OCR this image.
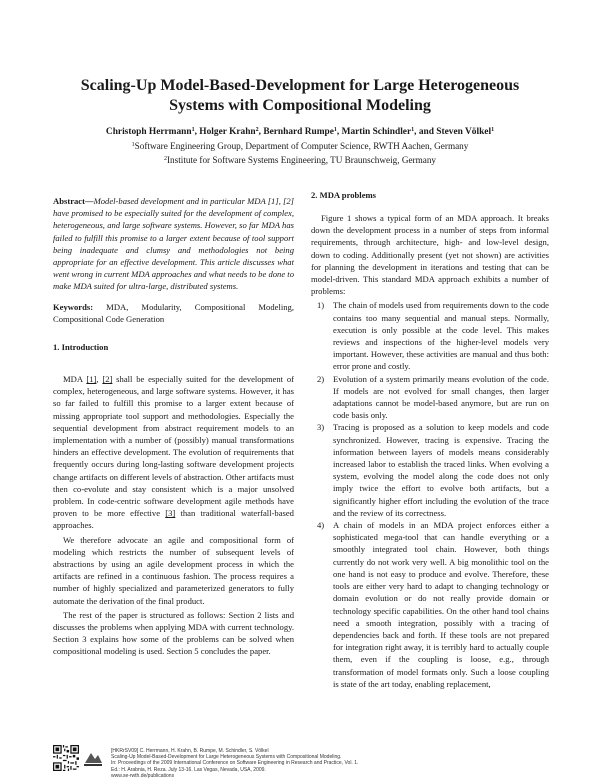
Scaling-Up Model-Based-Development for Large Heterogeneous
Systems with Compositional Modeling
Christoph Herrmann$^1$, Holger Krahn$^2$, Bernhard Rumpe$^1$, Martin Schindler$^1$, and Steven Völkel$^1$
$^1$Software Engineering Group, Department of Computer Science, RWTH Aachen, Germany
$^2$Institute for Software Systems Engineering, TU Braunschweig, Germany

Abstract—Model-based development and in particular MDA [1], [2] have promised to be especially suited for the development of complex, heterogeneous, and large software systems. However, so far MDA has failed to fulfill this promise to a larger extent because of tool support being inadequate and clumsy and methodologies not being appropriate for an effective development. This article discusses what went wrong in current MDA approaches and what needs to be done to make MDA suited for ultra-large, distributed systems.

Keywords: MDA, Modularity, Compositional Modeling, Compositional Code Generation

1. Introduction

MDA [1], [2] shall be especially suited for the development of complex, heterogeneous, and large software systems. However, it has so far failed to fulfill this promise to a larger extent because of missing appropriate tool support and methodologies. Especially the sequential development from abstract requirement models to an implementation with a number of (possibly) manual transformations hinders an effective development. The evolution of requirements that frequently occurs during long-lasting software development projects change artifacts on different levels of abstraction. Other artifacts must then co-evolute and stay consistent which is a major unsolved problem. In code-centric software development agile methods have proven to be more effective [3] than traditional waterfall-based approaches.

We therefore advocate an agile and compositional form of modeling which restricts the number of subsequent levels of abstractions by using an agile development process in which the artifacts are refined in a continuous fashion. The process requires a number of highly specialized and parameterized generators to fully automate the derivation of the final product.

The rest of the paper is structured as follows: Section 2 lists and discusses the problems when applying MDA with current technology. Section 3 explains how some of the problems can be solved when compositional modeling is used. Section 5 concludes the paper.

2. MDA problems

Figure 1 shows a typical form of an MDA approach. It breaks down the development process in a number of steps from informal requirements, through architecture, high- and low-level design, down to coding. Additionally present (yet not shown) are activities for planning the development in iterations and testing that can be model-driven. This standard MDA approach exhibits a number of problems:

1) The chain of models used from requirements down to the code contains too many sequential and manual steps. Normally, execution is only possible at the code level. This makes reviews and inspections of the higher-level models very important. However, these activities are manual and thus both: error prone and costly.
2) Evolution of a system primarily means evolution of the code. If models are not evolved for small changes, then larger adaptations cannot be model-based anymore, but are run on code basis only.
3) Tracing is proposed as a solution to keep models and code synchronized. However, tracing is expensive. Tracing the information between layers of models means considerably increased labor to establish the traced links. When evolving a system, evolving the model along the code does not only imply twice the effort to evolve both artifacts, but a significantly higher effort including the evolution of the trace and the review of its correctness.
4) A chain of models in an MDA project enforces either a sophisticated mega-tool that can handle everything or a smoothly integrated tool chain. However, both things currently do not work very well. A big monolithic tool on the one hand is not easy to produce and evolve. Therefore, these tools are either very hard to adapt to changing technology or domain evolution or do not really provide domain or technology specific capabilities. On the other hand tool chains need a smooth integration, possibly with a tracing of dependencies back and forth. If these tools are not prepared for integration right away, it is terribly hard to actually couple them, even if the coupling is loose, e.g., through transformation of model formats only. Such a loose coupling is state of the art today, enabling replacement,
[HKRrSV09] C. Herrmann, H. Krahn, B. Rumpe, M. Schindler, S. Völkel
Scaling-Up Model-Based-Development for Large Heterogeneous Systems with Compositional Modeling.
In: Proceedings of the 2009 International Conference on Software Engineering in Research and Practice, Vol. 1.
Ed.: H. Arabnia, H. Reza. July 13-16. Las Vegas, Nevada, USA, 2009.
www.se-rwth.de/publications
